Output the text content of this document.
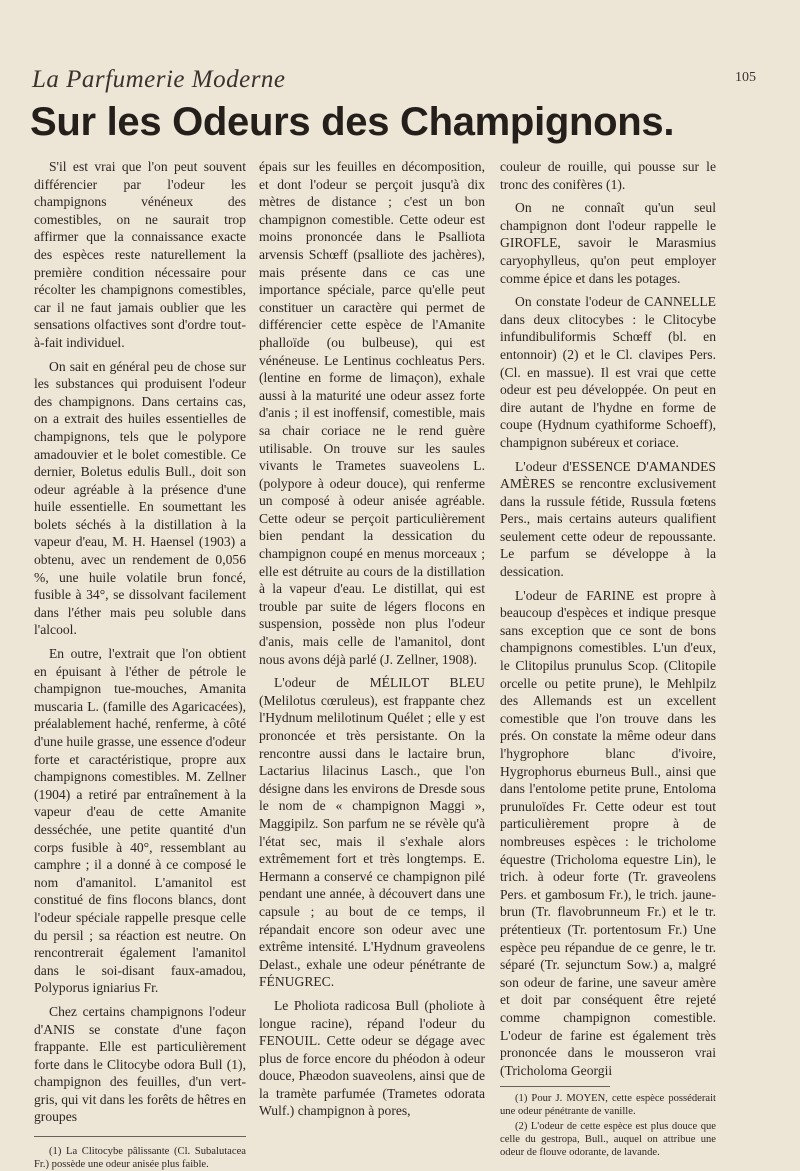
La Parfumerie Moderne	105
Sur les Odeurs des Champignons.

S'il est vrai que l'on peut souvent différencier par l'odeur les champignons vénéneux des comestibles, on ne saurait trop affirmer que la connaissance exacte des espèces reste naturellement la première condition nécessaire pour récolter les champignons comestibles, car il ne faut jamais oublier que les sensations olfactives sont d'ordre tout-à-fait individuel.

On sait en général peu de chose sur les substances qui produisent l'odeur des champignons. Dans certains cas, on a extrait des huiles essentielles de champignons, tels que le polypore amadouvier et le bolet comestible. Ce dernier, Boletus edulis Bull., doit son odeur agréable à la présence d'une huile essentielle. En soumettant les bolets séchés à la distillation à la vapeur d'eau, M. H. Haensel (1903) a obtenu, avec un rendement de 0,056 %, une huile volatile brun foncé, fusible à 34°, se dissolvant facilement dans l'éther mais peu soluble dans l'alcool.

En outre, l'extrait que l'on obtient en épuisant à l'éther de pétrole le champignon tue-mouches, Amanita muscaria L. (famille des Agaricacées), préalablement haché, renferme, à côté d'une huile grasse, une essence d'odeur forte et caractéristique, propre aux champignons comestibles. M. Zellner (1904) a retiré par entraînement à la vapeur d'eau de cette Amanite desséchée, une petite quantité d'un corps fusible à 40°, ressemblant au camphre ; il a donné à ce composé le nom d'amanitol. L'amanitol est constitué de fins flocons blancs, dont l'odeur spéciale rappelle presque celle du persil ; sa réaction est neutre. On rencontrerait également l'amanitol dans le soi-disant faux-amadou, Polyporus igniarius Fr.

Chez certains champignons l'odeur d'ANIS se constate d'une façon frappante. Elle est particulièrement forte dans le Clitocybe odora Bull (1), champignon des feuilles, d'un vert-gris, qui vit dans les forêts de hêtres en groupes

(1) La Clitocybe pâlissante (Cl. Subalutacea Fr.) possède une odeur anisée plus faible.

épais sur les feuilles en décomposition, et dont l'odeur se perçoit jusqu'à dix mètres de distance ; c'est un bon champignon comestible. Cette odeur est moins prononcée dans le Psalliota arvensis Schœff (psalliote des jachères), mais présente dans ce cas une importance spéciale, parce qu'elle peut constituer un caractère qui permet de différencier cette espèce de l'Amanite phalloïde (ou bulbeuse), qui est vénéneuse. Le Lentinus cochleatus Pers. (lentine en forme de limaçon), exhale aussi à la maturité une odeur assez forte d'anis ; il est inoffensif, comestible, mais sa chair coriace ne le rend guère utilisable. On trouve sur les saules vivants le Trametes suaveolens L. (polypore à odeur douce), qui renferme un composé à odeur anisée agréable. Cette odeur se perçoit particulièrement bien pendant la dessication du champignon coupé en menus morceaux ; elle est détruite au cours de la distillation à la vapeur d'eau. Le distillat, qui est trouble par suite de légers flocons en suspension, possède non plus l'odeur d'anis, mais celle de l'amanitol, dont nous avons déjà parlé (J. Zellner, 1908).

L'odeur de MÉLILOT BLEU (Melilotus cœruleus), est frappante chez l'Hydnum melilotinum Quélet ; elle y est prononcée et très persistante. On la rencontre aussi dans le lactaire brun, Lactarius lilacinus Lasch., que l'on désigne dans les environs de Dresde sous le nom de « champignon Maggi », Maggipilz. Son parfum ne se révèle qu'à l'état sec, mais il s'exhale alors extrêmement fort et très longtemps. E. Hermann a conservé ce champignon pilé pendant une année, à découvert dans une capsule ; au bout de ce temps, il répandait encore son odeur avec une extrême intensité. L'Hydnum graveolens Delast., exhale une odeur pénétrante de FÉNUGREC.

Le Pholiota radicosa Bull (pholiote à longue racine), répand l'odeur du FENOUIL. Cette odeur se dégage avec plus de force encore du phéodon à odeur douce, Phæodon suaveolens, ainsi que de la tramète parfumée (Trametes odorata Wulf.) champignon à pores,

couleur de rouille, qui pousse sur le tronc des conifères (1).

On ne connaît qu'un seul champignon dont l'odeur rappelle le GIROFLE, savoir le Marasmius caryophylleus, qu'on peut employer comme épice et dans les potages.

On constate l'odeur de CANNELLE dans deux clitocybes : le Clitocybe infundibuliformis Schœff (bl. en entonnoir) (2) et le Cl. clavipes Pers. (Cl. en massue). Il est vrai que cette odeur est peu développée. On peut en dire autant de l'hydne en forme de coupe (Hydnum cyathiforme Schoeff), champignon subéreux et coriace.

L'odeur d'ESSENCE D'AMANDES AMÈRES se rencontre exclusivement dans la russule fétide, Russula fœtens Pers., mais certains auteurs qualifient seulement cette odeur de repoussante. Le parfum se développe à la dessication.

L'odeur de FARINE est propre à beaucoup d'espèces et indique presque sans exception que ce sont de bons champignons comestibles. L'un d'eux, le Clitopilus prunulus Scop. (Clitopile orcelle ou petite prune), le Mehlpilz des Allemands est un excellent comestible que l'on trouve dans les prés. On constate la même odeur dans l'hygrophore blanc d'ivoire, Hygrophorus eburneus Bull., ainsi que dans l'entolome petite prune, Entoloma prunuloïdes Fr. Cette odeur est tout particulièrement propre à de nombreuses espèces : le tricholome équestre (Tricholoma equestre Lin), le trich. à odeur forte (Tr. graveolens Pers. et gambosum Fr.), le trich. jaune-brun (Tr. flavobrunneum Fr.) et le tr. prétentieux (Tr. portentosum Fr.) Une espèce peu répandue de ce genre, le tr. séparé (Tr. sejunctum Sow.) a, malgré son odeur de farine, une saveur amère et doit par conséquent être rejeté comme champignon comestible. L'odeur de farine est également très prononcée dans le mousseron vrai (Tricholoma Georgii

(1) Pour J. MOYEN, cette espèce posséderait une odeur pénétrante de vanille.

(2) L'odeur de cette espèce est plus douce que celle du gestropa, Bull., auquel on attribue une odeur de flouve odorante, de lavande.
